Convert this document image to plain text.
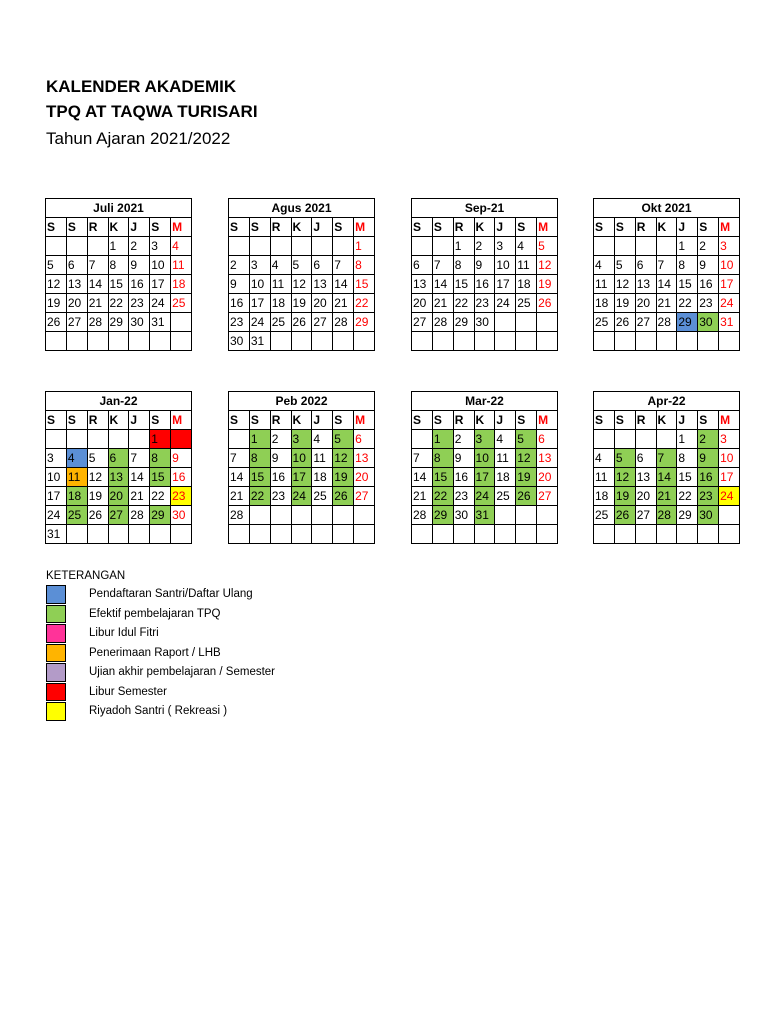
KALENDER AKADEMIK
TPQ AT TAQWA TURISARI
Tahun Ajaran 2021/2022
Juli 2021						
S	S	R	K	J	S	M
			1	2	3	4
5	6	7	8	9	10	11
12	13	14	15	16	17	18
19	20	21	22	23	24	25
26	27	28	29	30	31	

Agus 2021						
S	S	R	K	J	S	M
						1
2	3	4	5	6	7	8
9	10	11	12	13	14	15
16	17	18	19	20	21	22
23	24	25	26	27	28	29
30	31					
Sep-21						
S	S	R	K	J	S	M
		1	2	3	4	5
6	7	8	9	10	11	12
13	14	15	16	17	18	19
20	21	22	23	24	25	26
27	28	29	30			

Okt 2021						
S	S	R	K	J	S	M
				1	2	3
4	5	6	7	8	9	10
11	12	13	14	15	16	17
18	19	20	21	22	23	24
25	26	27	28	29	30	31

Jan-22						
S	S	R	K	J	S	M
					1	2
3	4	5	6	7	8	9
10	11	12	13	14	15	16
17	18	19	20	21	22	23
24	25	26	27	28	29	30
31						
Peb 2022						
S	S	R	K	J	S	M
	1	2	3	4	5	6
7	8	9	10	11	12	13
14	15	16	17	18	19	20
21	22	23	24	25	26	27
28						

Mar-22						
S	S	R	K	J	S	M
	1	2	3	4	5	6
7	8	9	10	11	12	13
14	15	16	17	18	19	20
21	22	23	24	25	26	27
28	29	30	31			

Apr-22						
S	S	R	K	J	S	M
				1	2	3
4	5	6	7	8	9	10
11	12	13	14	15	16	17
18	19	20	21	22	23	24
25	26	27	28	29	30	

KETERANGAN

Pendaftaran Santri/Daftar Ulang
Efektif pembelajaran TPQ
Libur Idul Fitri
Penerimaan Raport / LHB
Ujian akhir pembelajaran / Semester
Libur Semester
Riyadoh Santri ( Rekreasi )
